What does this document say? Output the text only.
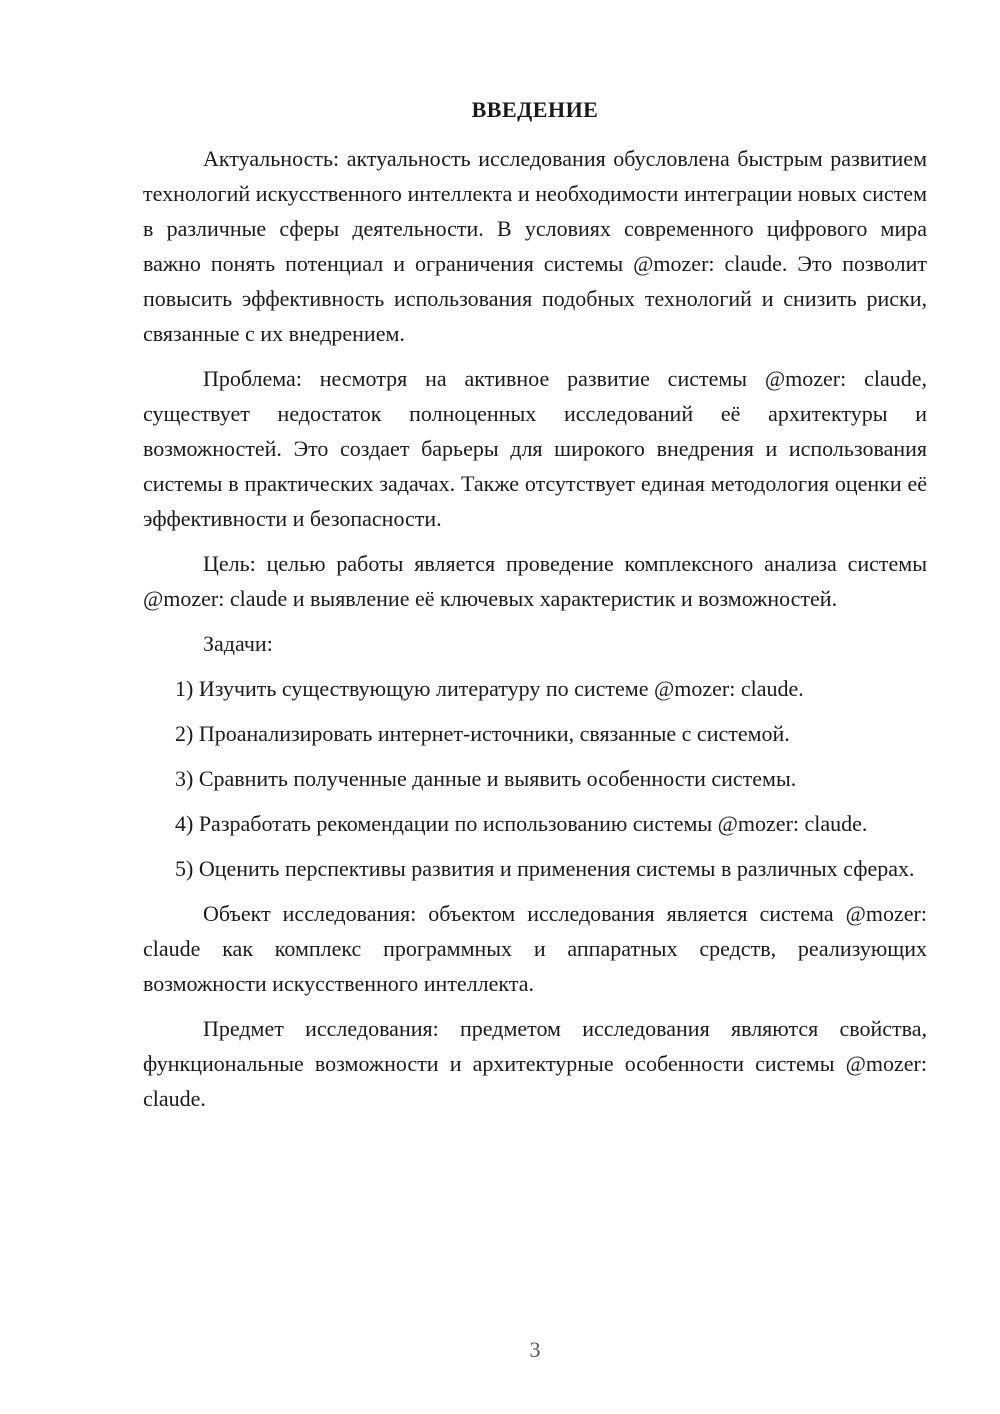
ВВЕДЕНИЕ

Актуальность: актуальность исследования обусловлена быстрым развитием технологий искусственного интеллекта и необходимости интеграции новых систем в различные сферы деятельности. В условиях современного цифрового мира важно понять потенциал и ограничения системы @mozer: claude. Это позволит повысить эффективность использования подобных технологий и снизить риски, связанные с их внедрением.

Проблема: несмотря на активное развитие системы @mozer: claude, существует недостаток полноценных исследований её архитектуры и возможностей. Это создает барьеры для широкого внедрения и использования системы в практических задачах. Также отсутствует единая методология оценки её эффективности и безопасности.

Цель: целью работы является проведение комплексного анализа системы @mozer: claude и выявление её ключевых характеристик и возможностей.

Задачи:

1) Изучить существующую литературу по системе @mozer: claude.

2) Проанализировать интернет-источники, связанные с системой.

3) Сравнить полученные данные и выявить особенности системы.

4) Разработать рекомендации по использованию системы @mozer: claude.

5) Оценить перспективы развития и применения системы в различных сферах.

Объект исследования: объектом исследования является система @mozer: claude как комплекс программных и аппаратных средств, реализующих возможности искусственного интеллекта.

Предмет исследования: предметом исследования являются свойства, функциональные возможности и архитектурные особенности системы @mozer: claude.

3
